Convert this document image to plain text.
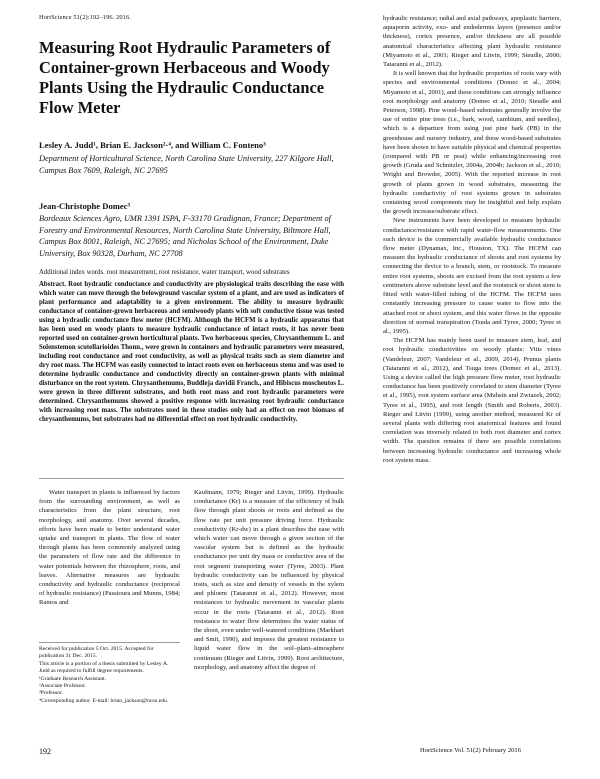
HortScience 51(2):192–196. 2016.
Measuring Root Hydraulic Parameters of Container-grown Herbaceous and Woody Plants Using the Hydraulic Conductance Flow Meter
Lesley A. Judd¹, Brian E. Jackson²·⁴, and William C. Fonteno³
Department of Horticultural Science, North Carolina State University, 227 Kilgore Hall, Campus Box 7609, Raleigh, NC 27695
Jean-Christophe Domec³
Bordeaux Sciences Agro, UMR 1391 ISPA, F-33170 Gradignan, France; Department of Forestry and Environmental Resources, North Carolina State University, Biltmore Hall, Campus Box 8001, Raleigh, NC 27695; and Nicholas School of the Environment, Duke University, Box 90328, Durham, NC 27708
Additional index words. root measurement, root resistance, water transport, wood substrates
Abstract. Root hydraulic conductance and conductivity are physiological traits describing the ease with which water can move through the belowground vascular system of a plant, and are used as indicators of plant performance and adaptability to a given environment. The ability to measure hydraulic conductance of container-grown herbaceous and semiwoody plants with soft conductive tissue was tested using a hydraulic conductance flow meter (HCFM). Although the HCFM is a hydraulic apparatus that has been used on woody plants to measure hydraulic conductance of intact roots, it has never been reported used on container-grown horticultural plants. Two herbaceous species, Chrysanthemum L. and Solenstemon scutellarioides Thonn., were grown in containers and hydraulic parameters were measured, including root conductance and root conductivity, as well as physical traits such as stem diameter and dry root mass. The HCFM was easily connected to intact roots even on herbaceous stems and was used to determine hydraulic conductance and conductivity directly on container-grown plants with minimal disturbance on the root system. Chrysanthemums, Buddleja davidii Franch., and Hibiscus moscheutos L. were grown in three different substrates, and both root mass and root hydraulic parameters were determined. Chrysanthemums showed a positive response with increasing root hydraulic conductance with increasing root mass. The substrates used in these studies only had an effect on root biomass of chrysanthemums, but substrates had no differential effect on root hydraulic conductivity.

Water transport in plants is influenced by factors from the surrounding environment, as well as characteristics from the plant structure, root morphology, and anatomy. Over several decades, efforts have been made to better understand water uptake and transport in plants. The flow of water through plants has been commonly analyzed using the parameters of flow rate and the difference in water potentials between the rhizosphere, roots, and leaves. Alternative measures are hydraulic conductivity and hydraulic conductance (reciprocal of hydraulic resistance) (Passioura and Munns, 1984; Ramos and

Kaufmann, 1979; Rieger and Litvin, 1999). Hydraulic conductance (Kr) is a measure of the efficiency of bulk flow through plant shoots or roots and defined as the flow rate per unit pressure driving force. Hydraulic conductivity (Kr-dw) in a plant describes the ease with which water can move through a given section of the vascular system but is defined as the hydraulic conductance per unit dry mass or conductive area of the root segment transporting water (Tyree, 2003). Plant hydraulic conductivity can be influenced by physical traits, such as size and density of vessels in the xylem and phloem (Tataranni et al., 2012). However, most resistances to hydraulic movement in vascular plants occur in the roots (Tataranni et al., 2012). Root resistance to water flow determines the water status of the shoot, even under well-watered conditions (Markhart and Smit, 1990), and imposes the greatest resistance to liquid water flow in the soil–plant–atmosphere continuum (Rieger and Litvin, 1999). Root architecture, morphology, and anatomy affect the degree of

hydraulic resistance; radial and axial pathways, apoplastic barriers, aquaporin activity, exo- and endodermis layers (presence and/or thickness), cortex presence, and/or thickness are all possible anatomical characteristics affecting plant hydraulic resistance (Miyamoto et al., 2001; Rieger and Litvin, 1999; Steudle, 2000; Tataranni et al., 2012).

It is well known that the hydraulic properties of roots vary with species and environmental conditions (Domec et al., 2004; Miyamoto et al., 2001), and these conditions can strongly influence root morphology and anatomy (Domec et al., 2010; Steudle and Peterson, 1998). Pine wood–based substrates generally involve the use of entire pine trees (i.e., bark, wood, cambium, and needles), which is a departure from using just pine bark (PB) in the greenhouse and nursery industry, and these wood-based substrates have been shown to have suitable physical and chemical properties (compared with PB or peat) while enhancing/increasing root growth (Gruda and Schnitzler, 2004a, 2004b; Jackson et al., 2010; Wright and Browder, 2005). With the reported increase in root growth of plants grown in wood substrates, measuring the hydraulic conductivity of root systems grown in substrates containing wood components may be insightful and help explain the growth increase/substrate effect.

New instruments have been developed to measure hydraulic conductance/resistance with rapid water-flow measurements. One such device is the commercially available hydraulic conductance flow meter (Dynamax, Inc., Houston, TX). The HCFM can measure the hydraulic conductance of shoots and root systems by connecting the device to a branch, stem, or rootstock. To measure entire root systems, shoots are excised from the root system a few centimeters above substrate level and the rootstock or shoot stem is fitted with water-filled tubing of the HCFM. The HCFM uses constantly increasing pressure to cause water to flow into the attached root or shoot system, and this water flows in the opposite direction of normal transpiration (Tsuda and Tyree, 2000; Tyree et al., 1995).

The HCFM has mainly been used to measure stem, leaf, and root hydraulic conductivities on woody plants: Vitis vines (Vandeleur, 2007; Vandeleur et al., 2009, 2014), Prunus plants (Tataranni et al., 2012), and Tsuga trees (Domec et al., 2013). Using a device called the high pressure flow meter, root hydraulic conductance has been positively correlated to stem diameter (Tyree et al., 1995), root system surface area (Muhsin and Zwiazek, 2002; Tyree et al., 1995), and root length (Smith and Roberts, 2003). Rieger and Litvin (1999), using another method, measured Kr of several plants with differing root anatomical features and found correlation was inversely related to both root diameter and cortex width. The question remains if there are possible correlations between increasing hydraulic conductance and increasing whole root system mass.

Received for publication 5 Oct. 2015. Accepted for publication 31 Dec. 2015.

This article is a portion of a thesis submitted by Lesley A. Judd as required to fulfill degree requirements.

¹Graduate Research Assistant.

²Associate Professor.

³Professor.

⁴Corresponding author. E-mail: brian_jackson@ncsu.edu.

192	HortScience Vol. 51(2) February 2016
